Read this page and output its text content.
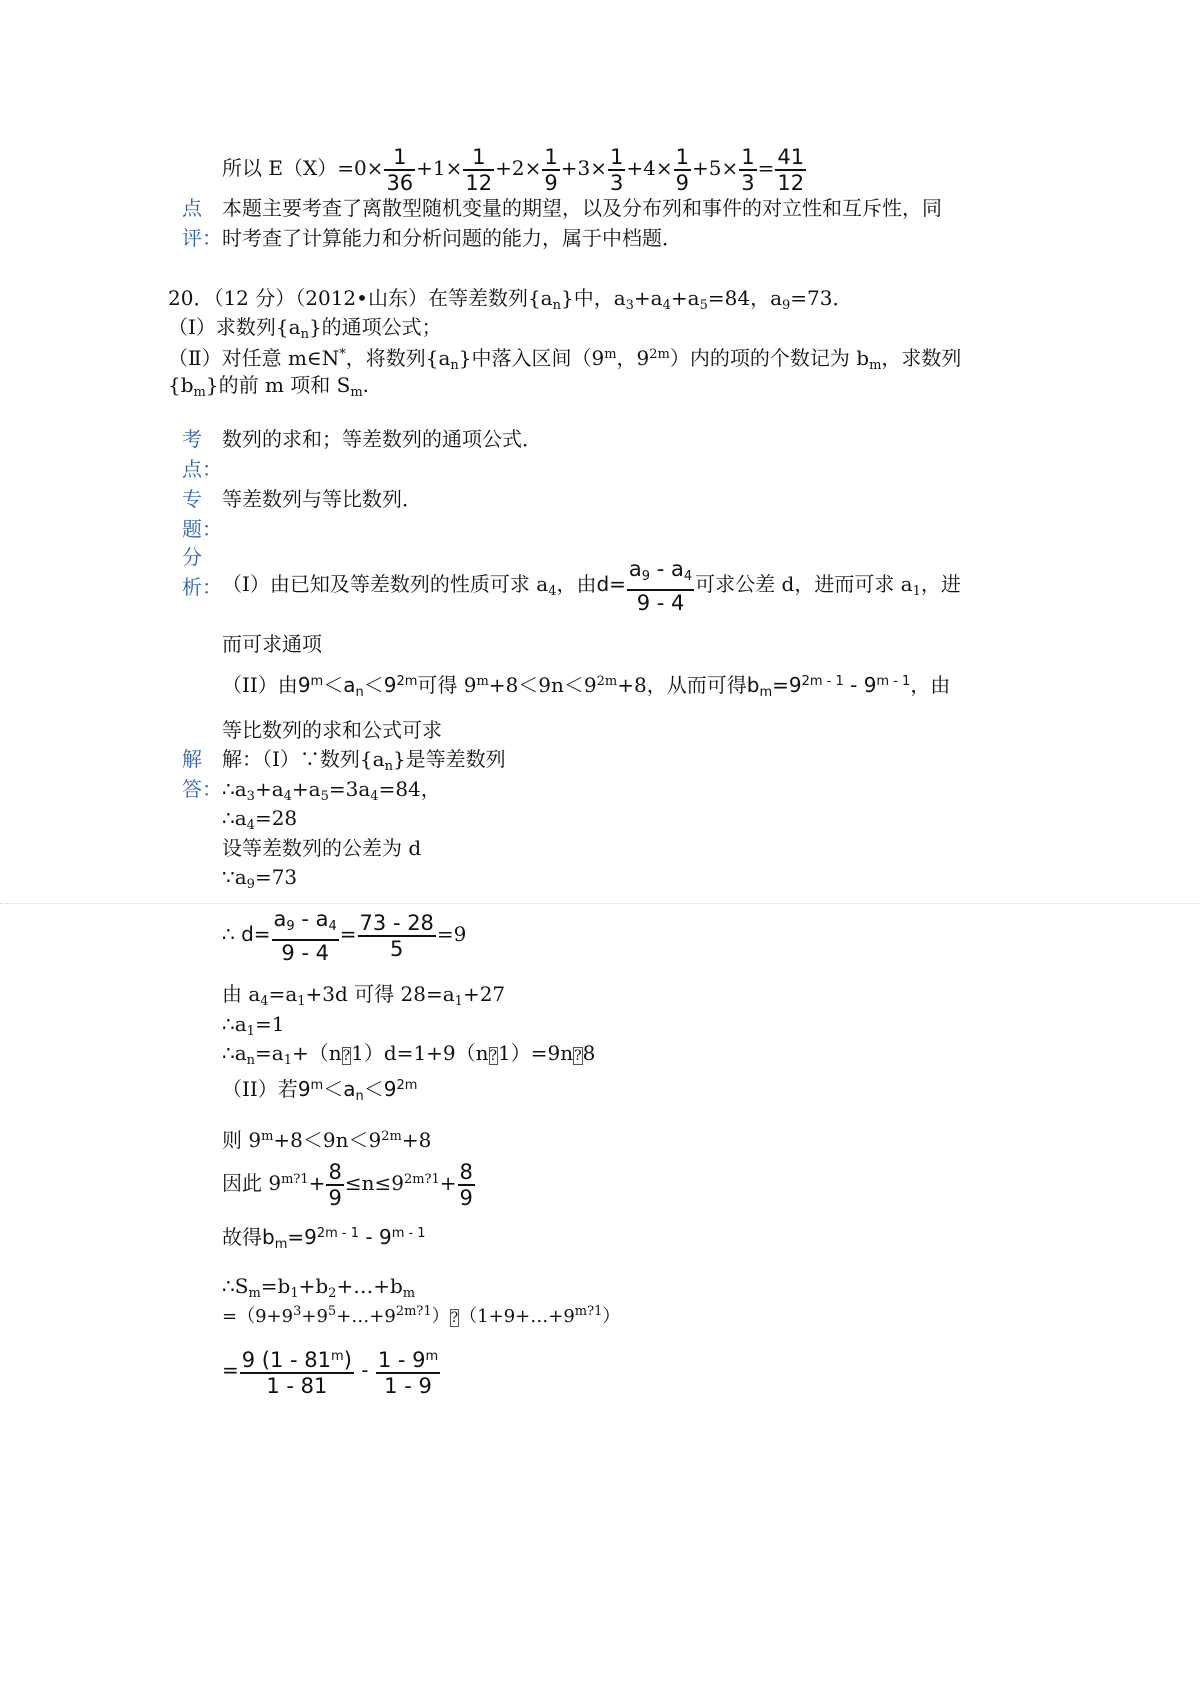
所以 $E(X)=0\times \frac{1}{36} +1\times \frac{1}{12} +2\times \frac{1}{9} +3\times \frac{1}{3} +4\times \frac{1}{9} +5\times \frac{1}{3} = \frac{41}{12}$
点
评：
本题主要考查了离散型随机变量的期望，以及分布列和事件的对立性和互斥性，同
时考查了计算能力和分析问题的能力，属于中档题．
20．（12 分）（2012•山东）在等差数列$\{a_n\}$中，$a_3+a_4+a_5=84$，$a_9=73$．
（Ⅰ）求数列$\{a_n\}$的通项公式；
（Ⅱ）对任意 m∈N*，将数列$\{a_n\}$中落入区间（9$^m$，$9^{2m}$）内的项的个数记为 $b_m$，求数列
$\{b_m\}$的前 m 项和 $S_m$.
考
点：
数列的求和；等差数列的通项公式．
专
题：
等差数列与等比数列．
分
析： （I）由已知及等差数列的性质可求 $a_4$，由$d= \frac{a_9 - a_4}{9 - 4}$ 可求公差 d，进而可求 $a_1$，进
而可求通项
（II）由$9^m<a_n<9^{2m}$可得 $9^m+8<9n<9^{2m}+8$，从而可得$b_m=9^{2m - 1} - 9^{m - 1}$，由
等比数列的求和公式可求
解
答：
解：（I）∵数列$\{a_n\}$是等差数列
$\therefore a_3+a_4+a_5=3a_4=84$，
$\therefore a_4=28$
设等差数列的公差为 d
$\because a_9=73$
∴ $d= \frac{a_9 - a_4}{9 - 4} = \frac{73 - 28}{5} =9$
由 $a_4=a_1+3d$ 可得 $28=a_1+27$
$\therefore a_1=1$
$\therefore a_n=a_1+(n?1)d=1+9(n?1)=9n?8$
（II）若$9^m<a_n<9^{2m}$
则 $9^m+8<9n<9^{2m}+8$
因此 $9^{m?1}+ \frac{8}{9} \le n\le 9^{2m?1}+ \frac{8}{9}$
故得$b_m=9^{2m - 1} - 9^{m - 1}$
$\therefore S_m=b_1+b_2+\dots+b_m$
$=(9+9^3+9^5+\dots+9^{2m?1})?(1+9+\dots+9^{m?1})$
= $\frac{9 (1 - 81^m)}{1 - 81} - \frac{1 - 9^m}{1 - 9}$
